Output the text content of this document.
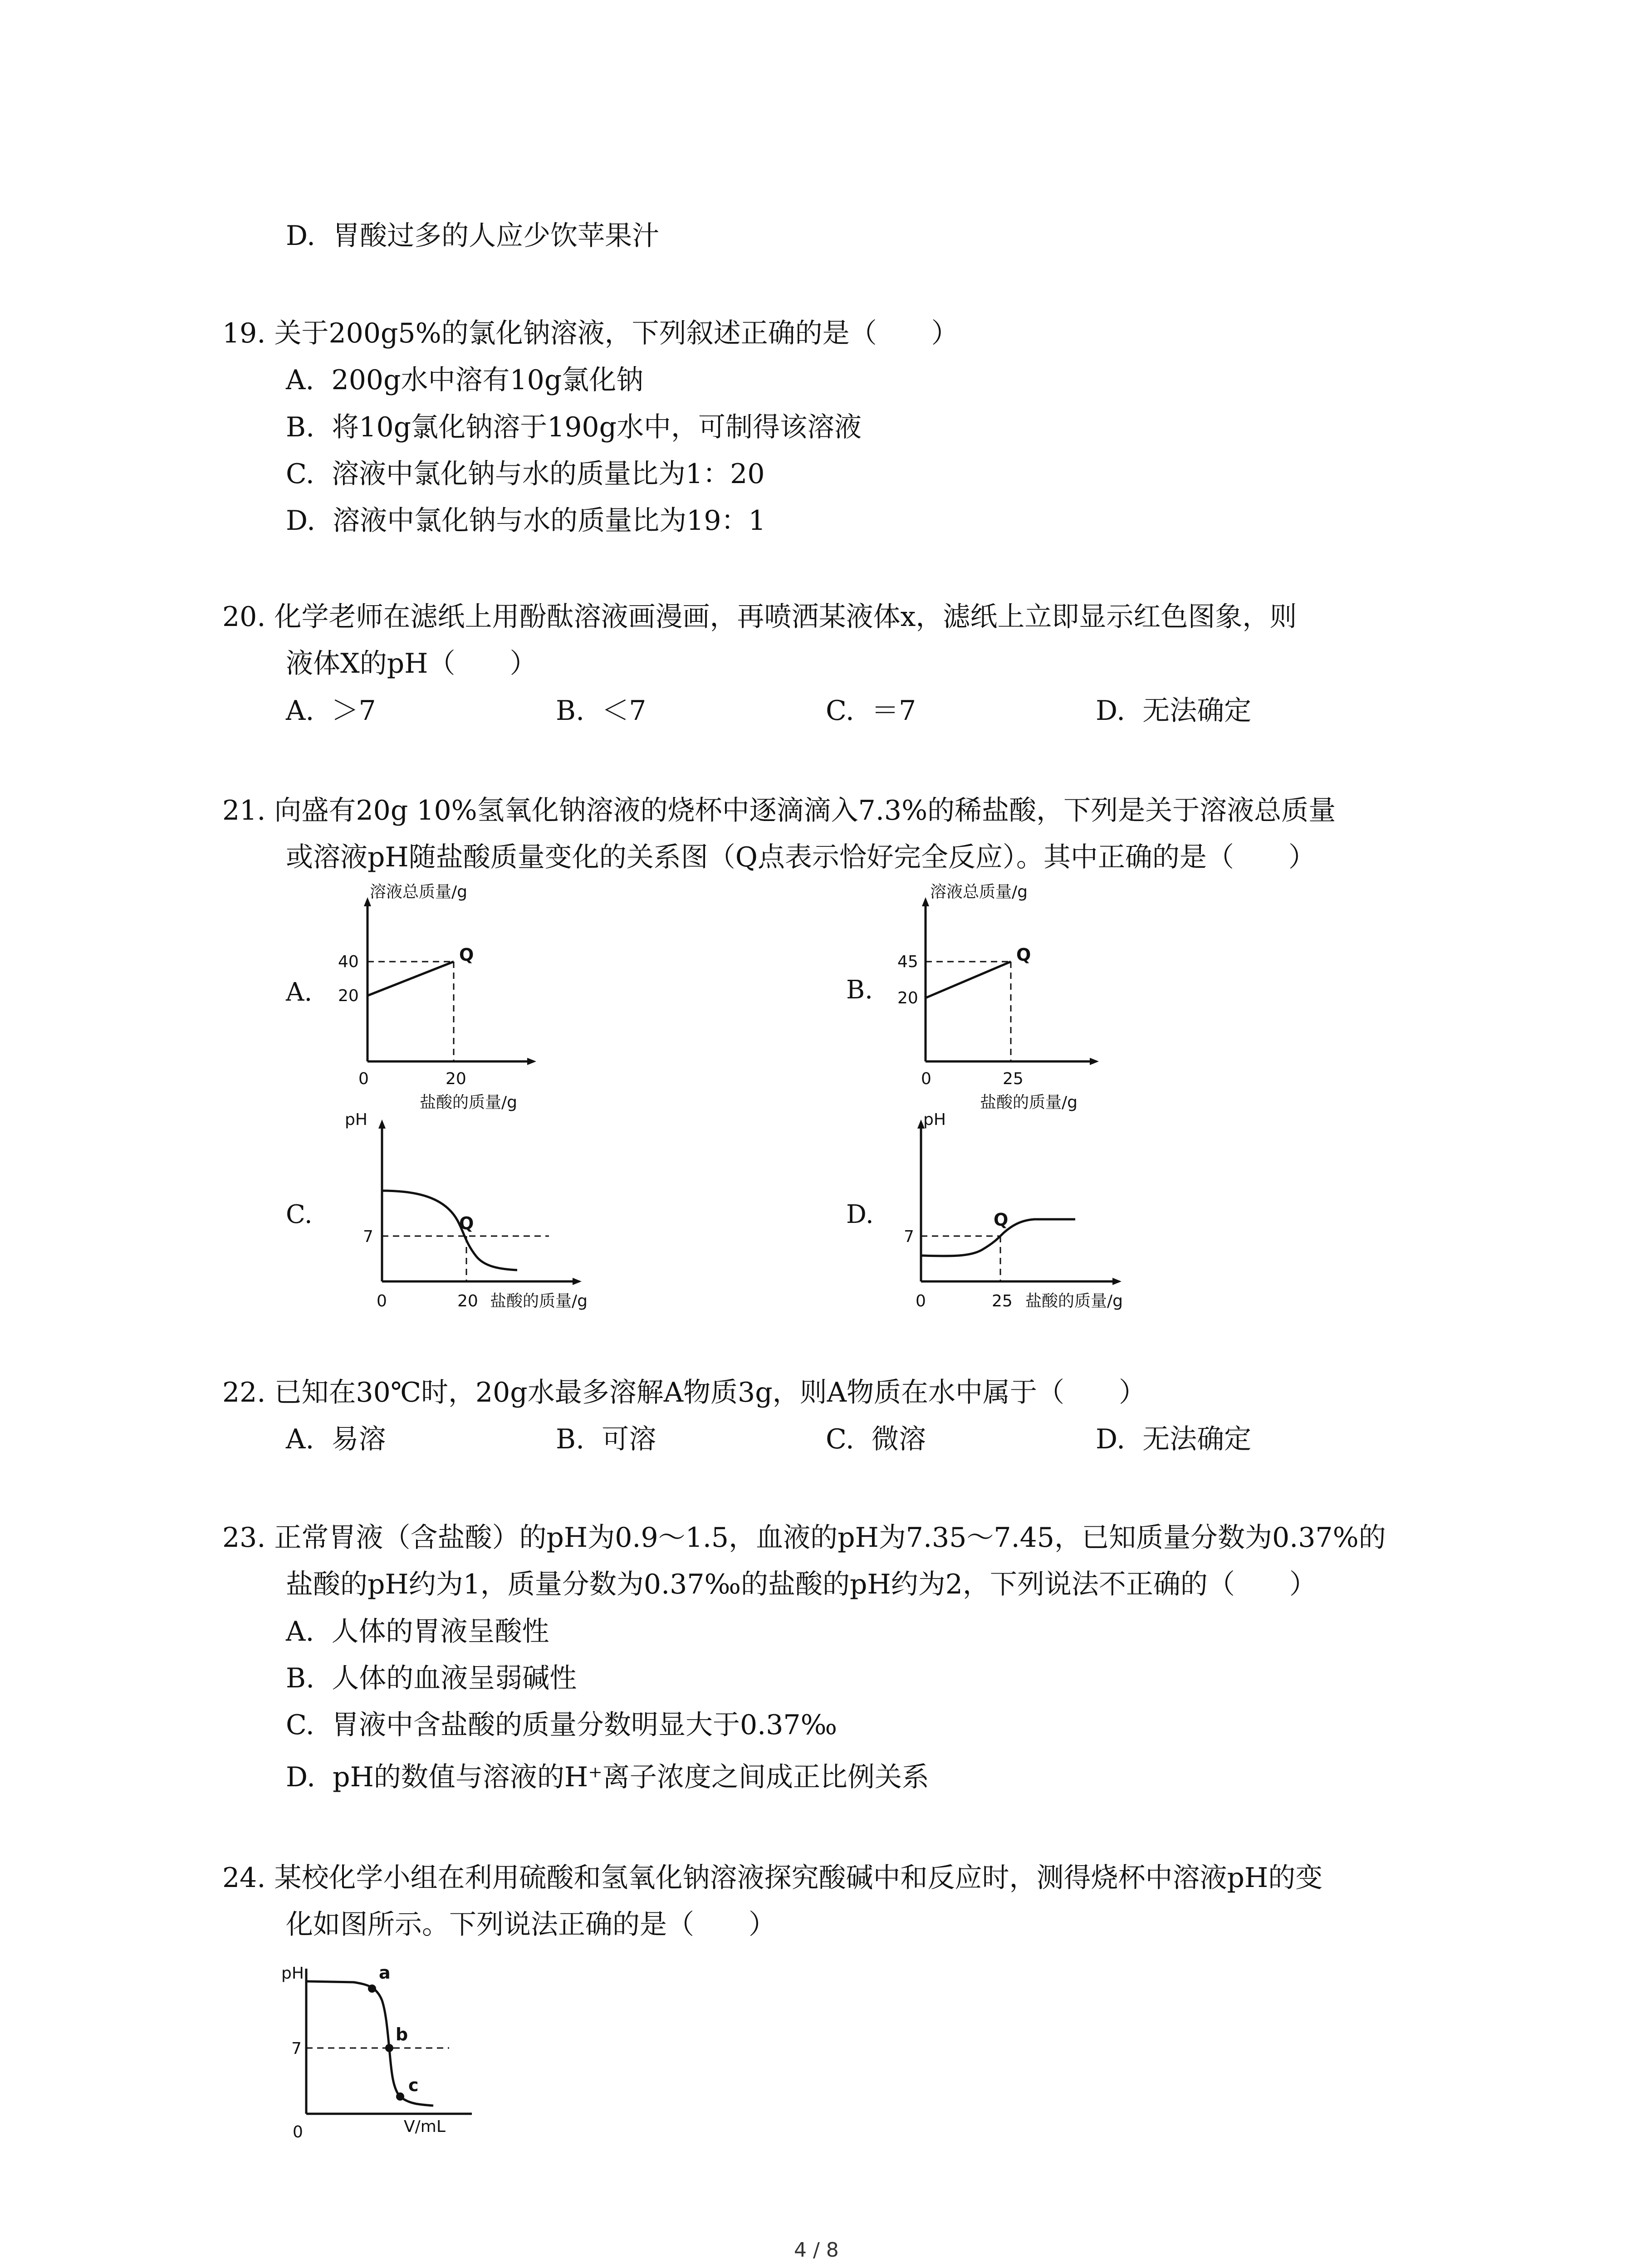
D.  胃酸过多的人应少饮苹果汁
19. 关于200g5%的氯化钠溶液，下列叙述正确的是（　　）
A.  200g水中溶有10g氯化钠
B.  将10g氯化钠溶于190g水中，可制得该溶液
C.  溶液中氯化钠与水的质量比为1：20
D.  溶液中氯化钠与水的质量比为19：1
20. 化学老师在滤纸上用酚酞溶液画漫画，再喷洒某液体x，滤纸上立即显示红色图象，则
液体X的pH（　　）
A.  ＞7	B.  ＜7	C.  ＝7	D.  无法确定
21. 向盛有20g 10%氢氧化钠溶液的烧杯中逐滴滴入7.3%的稀盐酸，下列是关于溶液总质量
或溶液pH随盐酸质量变化的关系图（Q点表示恰好完全反应）。其中正确的是（　　）
A.
溶液总质量/g
40
20
Q
0	20
盐酸的质量/g
B.
溶液总质量/g
45
20
Q
0	25
盐酸的质量/g
C.
pH
7
Q
0	20 盐酸的质量/g
D.
pH
7
Q
0	25 盐酸的质量/g
22. 已知在30℃时，20g水最多溶解A物质3g，则A物质在水中属于（　　）
A.  易溶	B.  可溶	C.  微溶	D.  无法确定
23. 正常胃液（含盐酸）的pH为0.9～1.5，血液的pH为7.35～7.45，已知质量分数为0.37%的
盐酸的pH约为1，质量分数为0.37‰的盐酸的pH约为2，下列说法不正确的（　　）
A.  人体的胃液呈酸性
B.  人体的血液呈弱碱性
C.  胃液中含盐酸的质量分数明显大于0.37‰
D.  pH的数值与溶液的H⁺离子浓度之间成正比例关系
24. 某校化学小组在利用硫酸和氢氧化钠溶液探究酸碱中和反应时，测得烧杯中溶液pH的变
化如图所示。下列说法正确的是（　　）
a
b
c
pH
7
0	V/mL
4 / 8
